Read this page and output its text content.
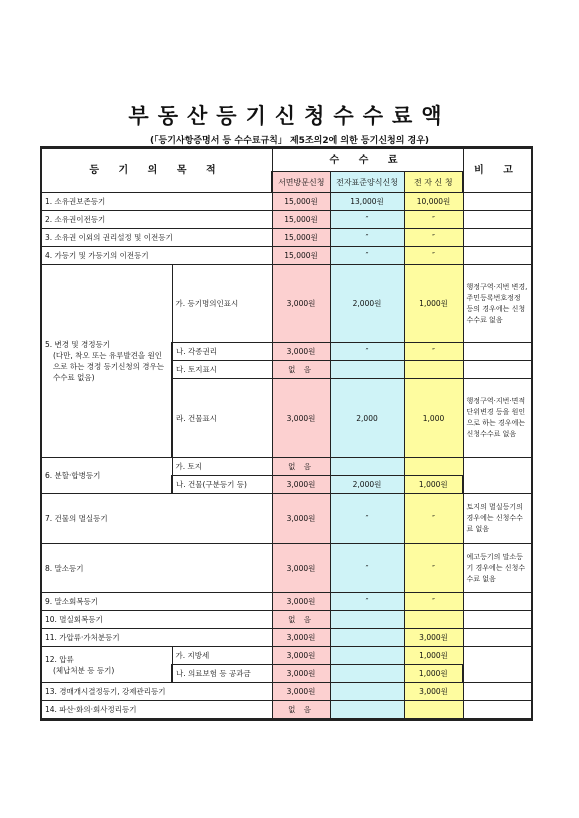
부동산등기신청수수료액

(「등기사항증명서 등 수수료규칙」 제5조의2에 의한 등기신청의 경우)

등 기 의 목 적		수 수 료			비 고
		서면방문신청	전자표준양식신청	전 자 신 청	
1. 소유권보존등기		15,000원	13,000원	10,000원	
2. 소유권이전등기		15,000원	″	″	
3. 소유권 이외의 권리설정 및 이전등기		15,000원	″	″	
4. 가등기 및 가등기의 이전등기		15,000원	″	″	

5. 변경 및 경정등기
(다만, 착오 또는 유루발견을 원인으로 하는 경정 등기신청의 경우는 수수료 없음)	가. 등기명의인표시	3,000원	2,000원	1,000원	행정구역·지번 변경, 주민등록번호정정 등의 경우에는 신청수수료 없음
	나. 각종권리	3,000원	″	″	
	다. 토지표시	없 음			
	라. 건물표시	3,000원	2,000	1,000	행정구역·지번·면적단위변경 등을 원인으로 하는 경우에는 신청수수료 없음
6. 분할·합병등기	가. 토지	없 음			
	나. 건물(구분등기 등)	3,000원	2,000원	1,000원	
7. 건물의 멸실등기		3,000원	″	″	토지의 멸실등기의 경우에는 신청수수료 없음
8. 말소등기		3,000원	″	″	예고등기의 말소등기 경우에는 신청수수료 없음
9. 말소회복등기		3,000원	″	″	
10. 멸실회복등기		없 음			
11. 가압류·가처분등기		3,000원		3,000원	

12. 압류
(체납처분 등 등기)	가. 지방세	3,000원		1,000원	
	나. 의료보험 등 공과금	3,000원		1,000원	
13. 경매개시결정등기, 강제관리등기		3,000원		3,000원	
14. 파산·화의·회사정리등기		없 음			
